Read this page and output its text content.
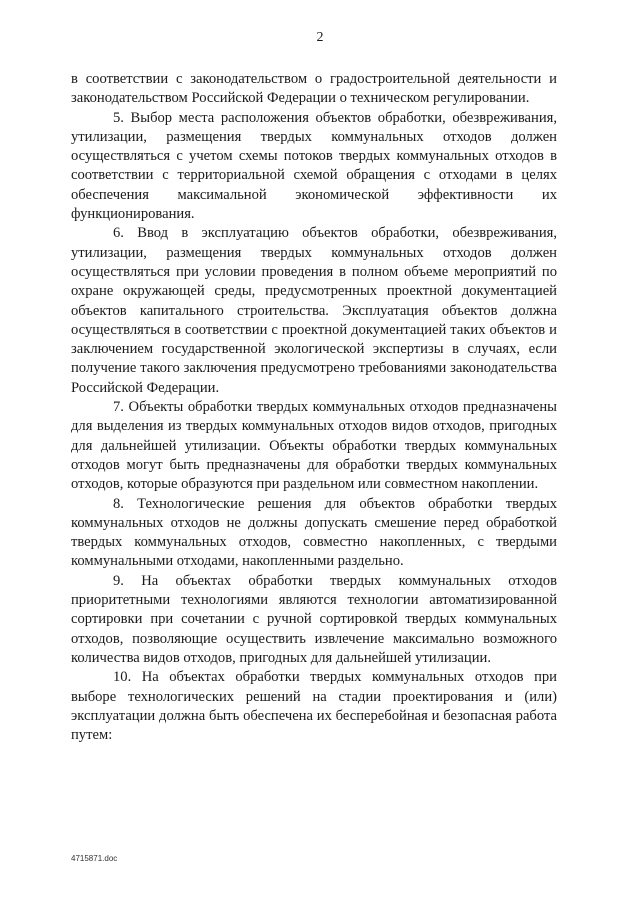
2

в соответствии с законодательством о градостроительной деятельности и законодательством Российской Федерации о техническом регулировании.

5. Выбор места расположения объектов обработки, обезвреживания, утилизации, размещения твердых коммунальных отходов должен осуществляться с учетом схемы потоков твердых коммунальных отходов в соответствии с территориальной схемой обращения с отходами в целях обеспечения максимальной экономической эффективности их функционирования.

6. Ввод в эксплуатацию объектов обработки, обезвреживания, утилизации, размещения твердых коммунальных отходов должен осуществляться при условии проведения в полном объеме мероприятий по охране окружающей среды, предусмотренных проектной документацией объектов капитального строительства. Эксплуатация объектов должна осуществляться в соответствии с проектной документацией таких объектов и заключением государственной экологической экспертизы в случаях, если получение такого заключения предусмотрено требованиями законодательства Российской Федерации.

7. Объекты обработки твердых коммунальных отходов предназначены для выделения из твердых коммунальных отходов видов отходов, пригодных для дальнейшей утилизации. Объекты обработки твердых коммунальных отходов могут быть предназначены для обработки твердых коммунальных отходов, которые образуются при раздельном или совместном накоплении.

8. Технологические решения для объектов обработки твердых коммунальных отходов не должны допускать смешение перед обработкой твердых коммунальных отходов, совместно накопленных, с твердыми коммунальными отходами, накопленными раздельно.

9. На объектах обработки твердых коммунальных отходов приоритетными технологиями являются технологии автоматизированной сортировки при сочетании с ручной сортировкой твердых коммунальных отходов, позволяющие осуществить извлечение максимально возможного количества видов отходов, пригодных для дальнейшей утилизации.

10. На объектах обработки твердых коммунальных отходов при выборе технологических решений на стадии проектирования и (или) эксплуатации должна быть обеспечена их бесперебойная и безопасная работа путем:

4715871.doc
